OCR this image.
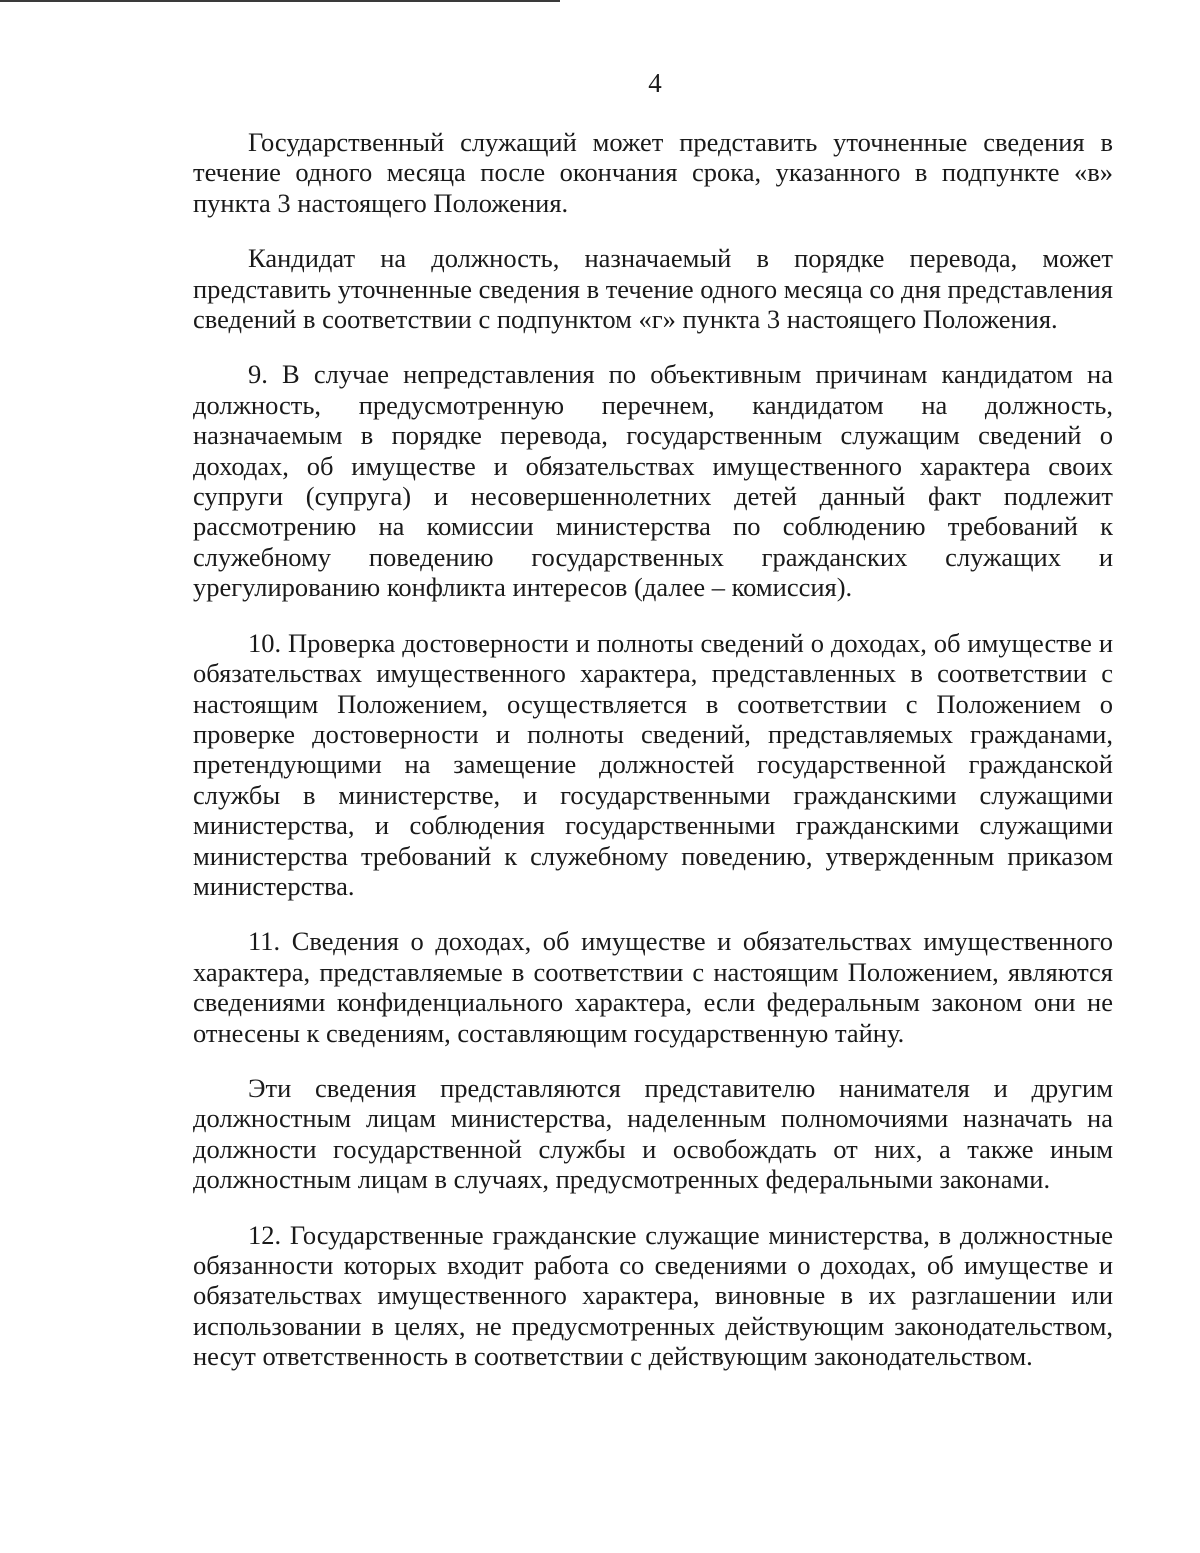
4

Государственный служащий может представить уточненные сведения в течение одного месяца после окончания срока, указанного в подпункте «в» пункта 3 настоящего Положения.

Кандидат на должность, назначаемый в порядке перевода, может представить уточненные сведения в течение одного месяца со дня представления сведений в соответствии с подпунктом «г» пункта 3 настоящего Положения.

9. В случае непредставления по объективным причинам кандидатом на должность, предусмотренную перечнем, кандидатом на должность, назначаемым в порядке перевода, государственным служащим сведений о доходах, об имуществе и обязательствах имущественного характера своих супруги (супруга) и несовершеннолетних детей данный факт подлежит рассмотрению на комиссии министерства по соблюдению требований к служебному поведению государственных гражданских служащих и урегулированию конфликта интересов (далее – комиссия).

10. Проверка достоверности и полноты сведений о доходах, об имуществе и обязательствах имущественного характера, представленных в соответствии с настоящим Положением, осуществляется в соответствии с Положением о проверке достоверности и полноты сведений, представляемых гражданами, претендующими на замещение должностей государственной гражданской службы в министерстве, и государственными гражданскими служащими министерства, и соблюдения государственными гражданскими служащими министерства требований к служебному поведению, утвержденным приказом министерства.

11. Сведения о доходах, об имуществе и обязательствах имущественного характера, представляемые в соответствии с настоящим Положением, являются сведениями конфиденциального характера, если федеральным законом они не отнесены к сведениям, составляющим государственную тайну.

Эти сведения представляются представителю нанимателя и другим должностным лицам министерства, наделенным полномочиями назначать на должности государственной службы и освобождать от них, а также иным должностным лицам в случаях, предусмотренных федеральными законами.

12. Государственные гражданские служащие министерства, в должностные обязанности которых входит работа со сведениями о доходах, об имуществе и обязательствах имущественного характера, виновные в их разглашении или использовании в целях, не предусмотренных действующим законодательством, несут ответственность в соответствии с действующим законодательством.
